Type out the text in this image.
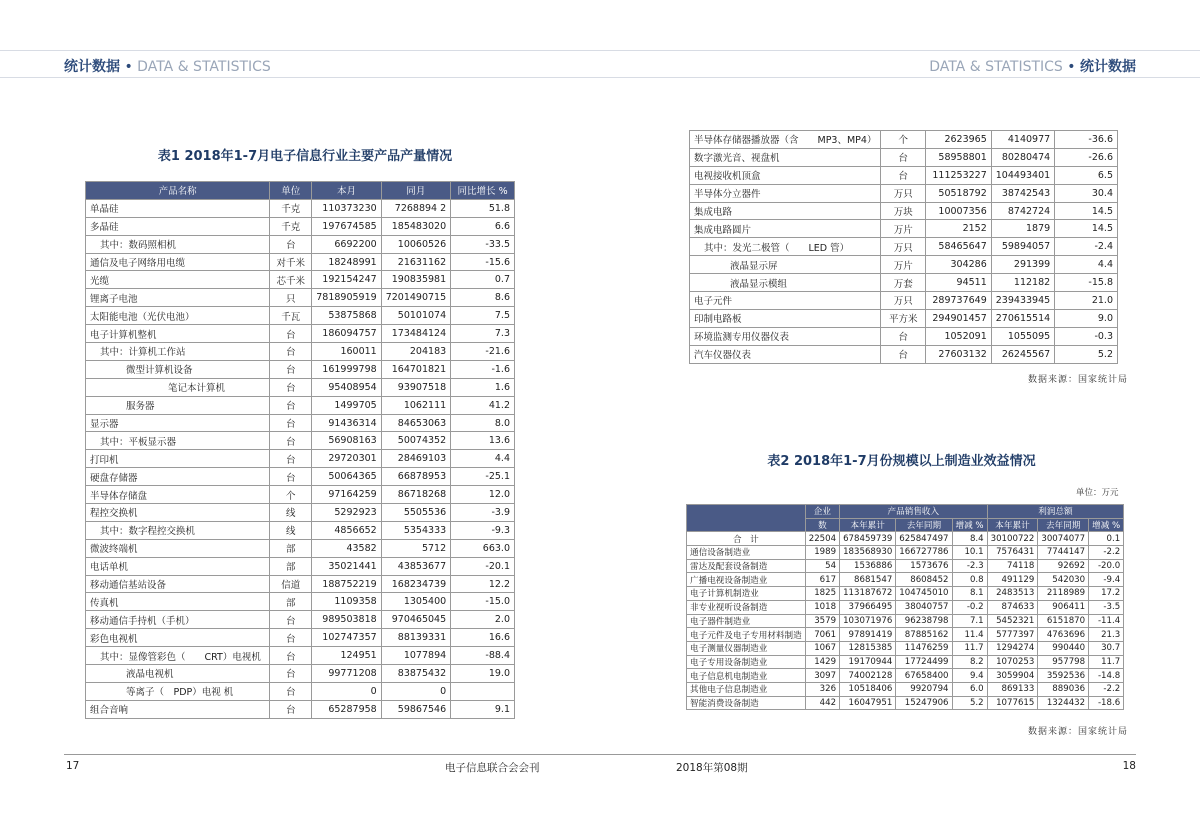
统计数据 • DATA & STATISTICS	DATA & STATISTICS • 统计数据
表1 2018年1-7月电子信息行业主要产品产量情况
产品名称	单位	本月	同月	同比增长 %
单晶硅	千克	110373230	7268894 2	51.8
多晶硅	千克	197674585	185483020	6.6
其中：数码照相机	台	6692200	10060526	-33.5
通信及电子网络用电缆	对千米	18248991	21631162	-15.6
光缆	芯千米	192154247	190835981	0.7
锂离子电池	只	7818905919	7201490715	8.6
太阳能电池（光伏电池）	千瓦	53875868	50101074	7.5
电子计算机整机	台	186094757	173484124	7.3
其中：计算机工作站	台	160011	204183	-21.6
微型计算机设备	台	161999798	164701821	-1.6
笔记本计算机	台	95408954	93907518	1.6
服务器	台	1499705	1062111	41.2
显示器	台	91436314	84653063	8.0
其中：平板显示器	台	56908163	50074352	13.6
打印机	台	29720301	28469103	4.4
硬盘存储器	台	50064365	66878953	-25.1
半导体存储盘	个	97164259	86718268	12.0
程控交换机	线	5292923	5505536	-3.9
其中：数字程控交换机	线	4856652	5354333	-9.3
微波终端机	部	43582	5712	663.0
电话单机	部	35021441	43853677	-20.1
移动通信基站设备	信道	188752219	168234739	12.2
传真机	部	1109358	1305400	-15.0
移动通信手持机（手机）	台	989503818	970465045	2.0
彩色电视机	台	102747357	88139331	16.6
其中：显像管彩色（　　CRT）电视机	台	124951	1077894	-88.4
液晶电视机	台	99771208	83875432	19.0
等离子（　PDP）电视 机	台	0	0	
组合音响	台	65287958	59867546	9.1
半导体存储器播放器（含　　MP3、MP4）	个	2623965	4140977	-36.6
数字激光音、视盘机	台	58958801	80280474	-26.6
电视接收机顶盒	台	111253227	104493401	6.5
半导体分立器件	万只	50518792	38742543	30.4
集成电路	万块	10007356	8742724	14.5
集成电路圆片	万片	2152	1879	14.5
其中：发光二极管（　　LED 管）	万只	58465647	59894057	-2.4
液晶显示屏	万片	304286	291399	4.4
液晶显示模组	万套	94511	112182	-15.8
电子元件	万只	289737649	239433945	21.0
印制电路板	平方米	294901457	270615514	9.0
环境监测专用仪器仪表	台	1052091	1055095	-0.3
汽车仪器仪表	台	27603132	26245567	5.2
数据来源：国家统计局
表2 2018年1-7月份规模以上制造业效益情况
单位：万元
	企业	产品销售收入			利润总额		
	数	本年累计	去年同期	增减 %	本年累计	去年同期	增减 %
合　计	22504	678459739	625847497	8.4	30100722	30074077	0.1
通信设备制造业	1989	183568930	166727786	10.1	7576431	7744147	-2.2
雷达及配套设备制造	54	1536886	1573676	-2.3	74118	92692	-20.0
广播电视设备制造业	617	8681547	8608452	0.8	491129	542030	-9.4
电子计算机制造业	1825	113187672	104745010	8.1	2483513	2118989	17.2
非专业视听设备制造	1018	37966495	38040757	-0.2	874633	906411	-3.5
电子器件制造业	3579	103071976	96238798	7.1	5452321	6151870	-11.4
电子元件及电子专用材料制造	7061	97891419	87885162	11.4	5777397	4763696	21.3
电子测量仪器制造业	1067	12815385	11476259	11.7	1294274	990440	30.7
电子专用设备制造业	1429	19170944	17724499	8.2	1070253	957798	11.7
电子信息机电制造业	3097	74002128	67658400	9.4	3059904	3592536	-14.8
其他电子信息制造业	326	10518406	9920794	6.0	869133	889036	-2.2
智能消费设备制造	442	16047951	15247906	5.2	1077615	1324432	-18.6
数据来源：国家统计局
17	电子信息联合会会刊	2018年第08期	18
